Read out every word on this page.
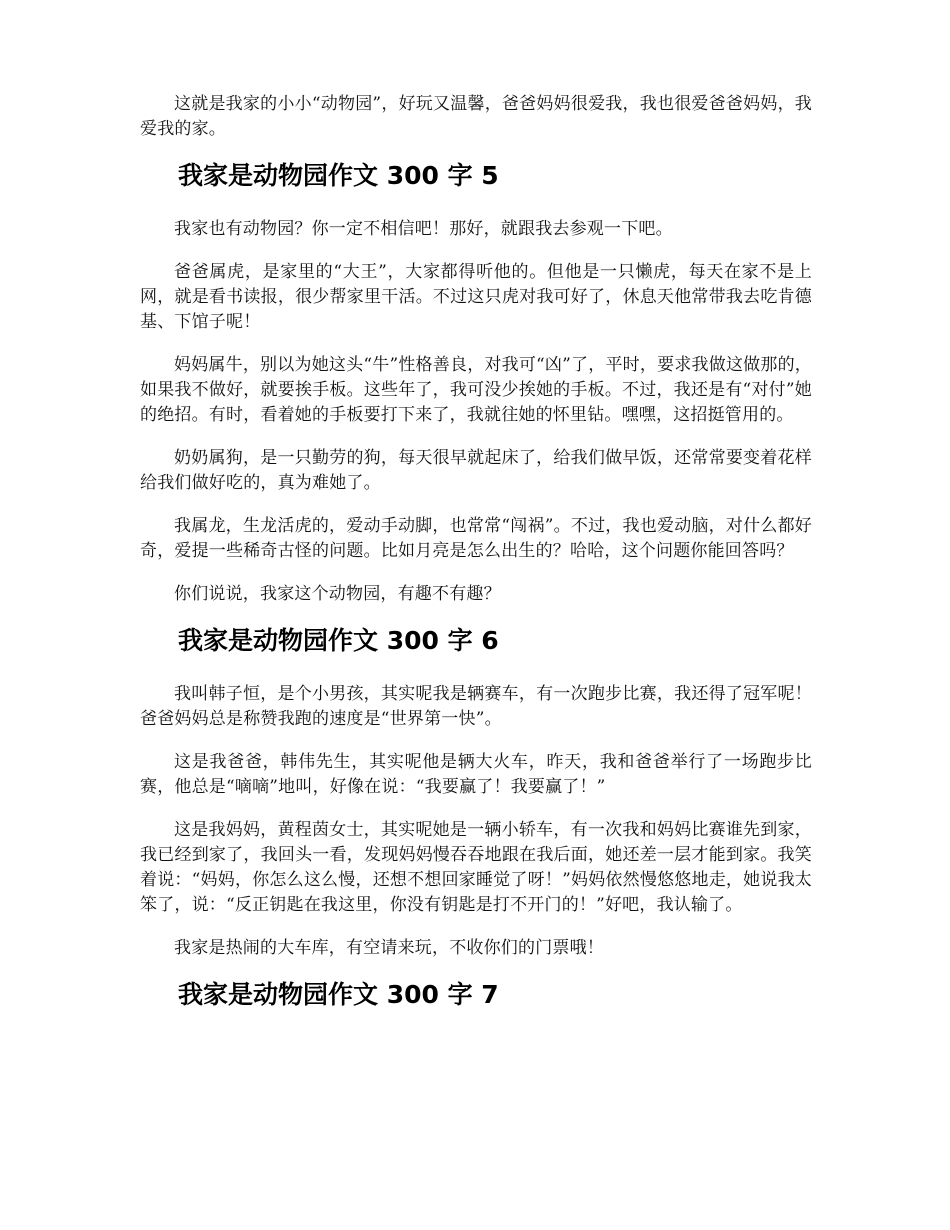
这就是我家的小小“动物园”，好玩又温馨，爸爸妈妈很爱我，我也很爱爸爸妈妈，我爱我的家。

我家是动物园作文 300 字 5

我家也有动物园？你一定不相信吧！那好，就跟我去参观一下吧。

爸爸属虎，是家里的“大王”，大家都得听他的。但他是一只懒虎，每天在家不是上网，就是看书读报，很少帮家里干活。不过这只虎对我可好了，休息天他常带我去吃肯德基、下馆子呢！

妈妈属牛，别以为她这头“牛”性格善良，对我可“凶”了，平时，要求我做这做那的，如果我不做好，就要挨手板。这些年了，我可没少挨她的手板。不过，我还是有“对付”她的绝招。有时，看着她的手板要打下来了，我就往她的怀里钻。嘿嘿，这招挺管用的。

奶奶属狗，是一只勤劳的狗，每天很早就起床了，给我们做早饭，还常常要变着花样给我们做好吃的，真为难她了。

我属龙，生龙活虎的，爱动手动脚，也常常“闯祸”。不过，我也爱动脑，对什么都好奇，爱提一些稀奇古怪的问题。比如月亮是怎么出生的？哈哈，这个问题你能回答吗？

你们说说，我家这个动物园，有趣不有趣？

我家是动物园作文 300 字 6

我叫韩子恒，是个小男孩，其实呢我是辆赛车，有一次跑步比赛，我还得了冠军呢！爸爸妈妈总是称赞我跑的速度是“世界第一快”。

这是我爸爸，韩伟先生，其实呢他是辆大火车，昨天，我和爸爸举行了一场跑步比赛，他总是“嘀嘀”地叫，好像在说：“我要赢了！我要赢了！”

这是我妈妈，黄程茵女士，其实呢她是一辆小轿车，有一次我和妈妈比赛谁先到家，我已经到家了，我回头一看，发现妈妈慢吞吞地跟在我后面，她还差一层才能到家。我笑着说：“妈妈，你怎么这么慢，还想不想回家睡觉了呀！”妈妈依然慢悠悠地走，她说我太笨了，说：“反正钥匙在我这里，你没有钥匙是打不开门的！”好吧，我认输了。

我家是热闹的大车库，有空请来玩，不收你们的门票哦！

我家是动物园作文 300 字 7
